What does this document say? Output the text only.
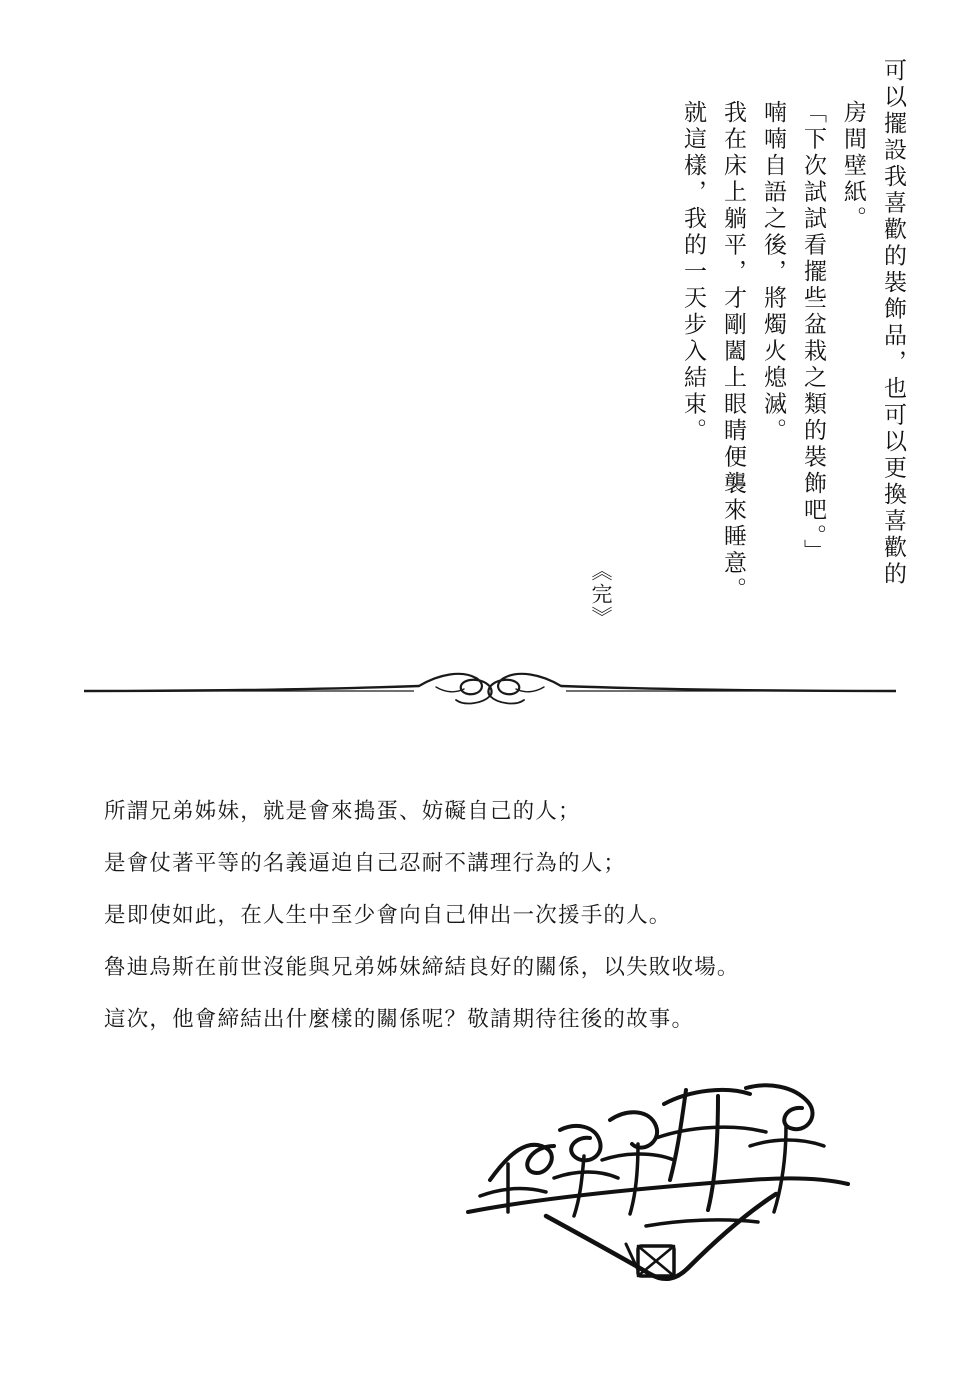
可以擺設我喜歡的裝飾品，也可以更換喜歡的
房間壁紙。
「下次試試看擺些盆栽之類的裝飾吧。」
喃喃自語之後，將燭火熄滅。
我在床上躺平，才剛闔上眼睛便襲來睡意。
就這樣，我的一天步入結束。
《完》
所謂兄弟姊妹，就是會來搗蛋、妨礙自己的人；
是會仗著平等的名義逼迫自己忍耐不講理行為的人；
是即使如此，在人生中至少會向自己伸出一次援手的人。
魯迪烏斯在前世沒能與兄弟姊妹締結良好的關係，以失敗收場。
這次，他會締結出什麼樣的關係呢？敬請期待往後的故事。
